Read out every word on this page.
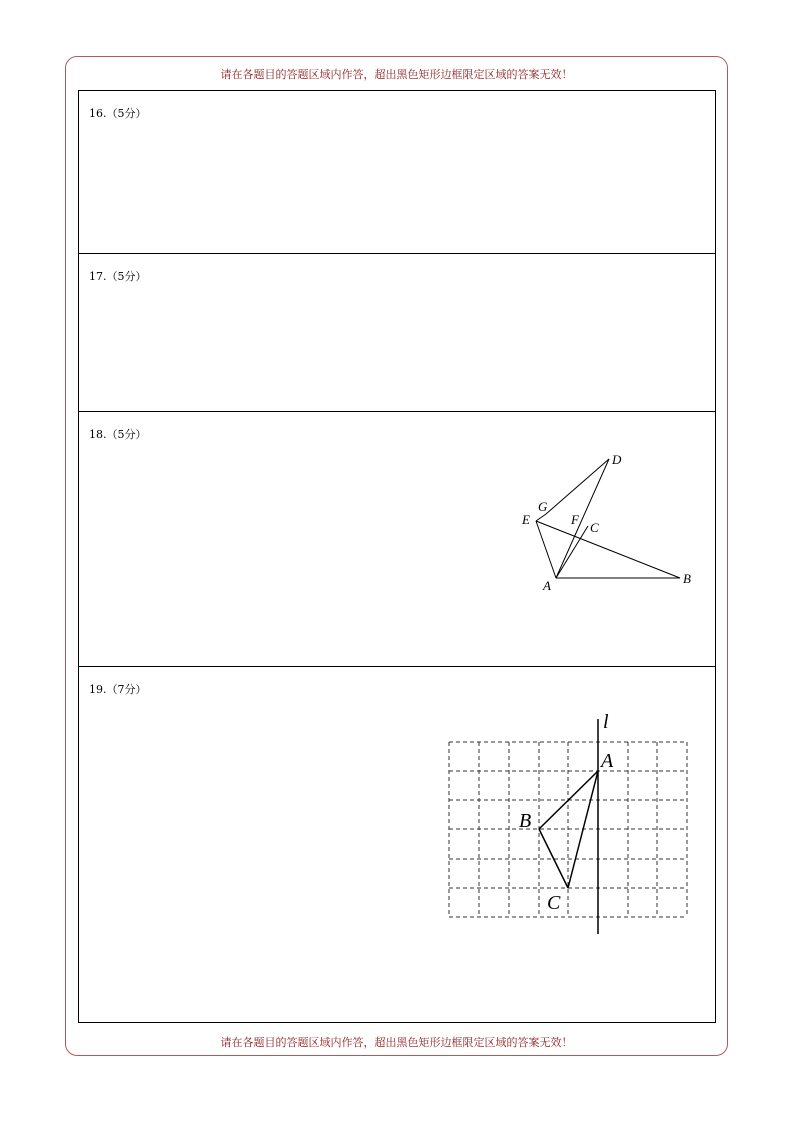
请在各题目的答题区域内作答，超出黑色矩形边框限定区域的答案无效！
16.（5分）
17.（5分）
18.（5分）
D
G
E	F
C
A	B
19.（7分）
l
A
B
C
请在各题目的答题区域内作答，超出黑色矩形边框限定区域的答案无效！
